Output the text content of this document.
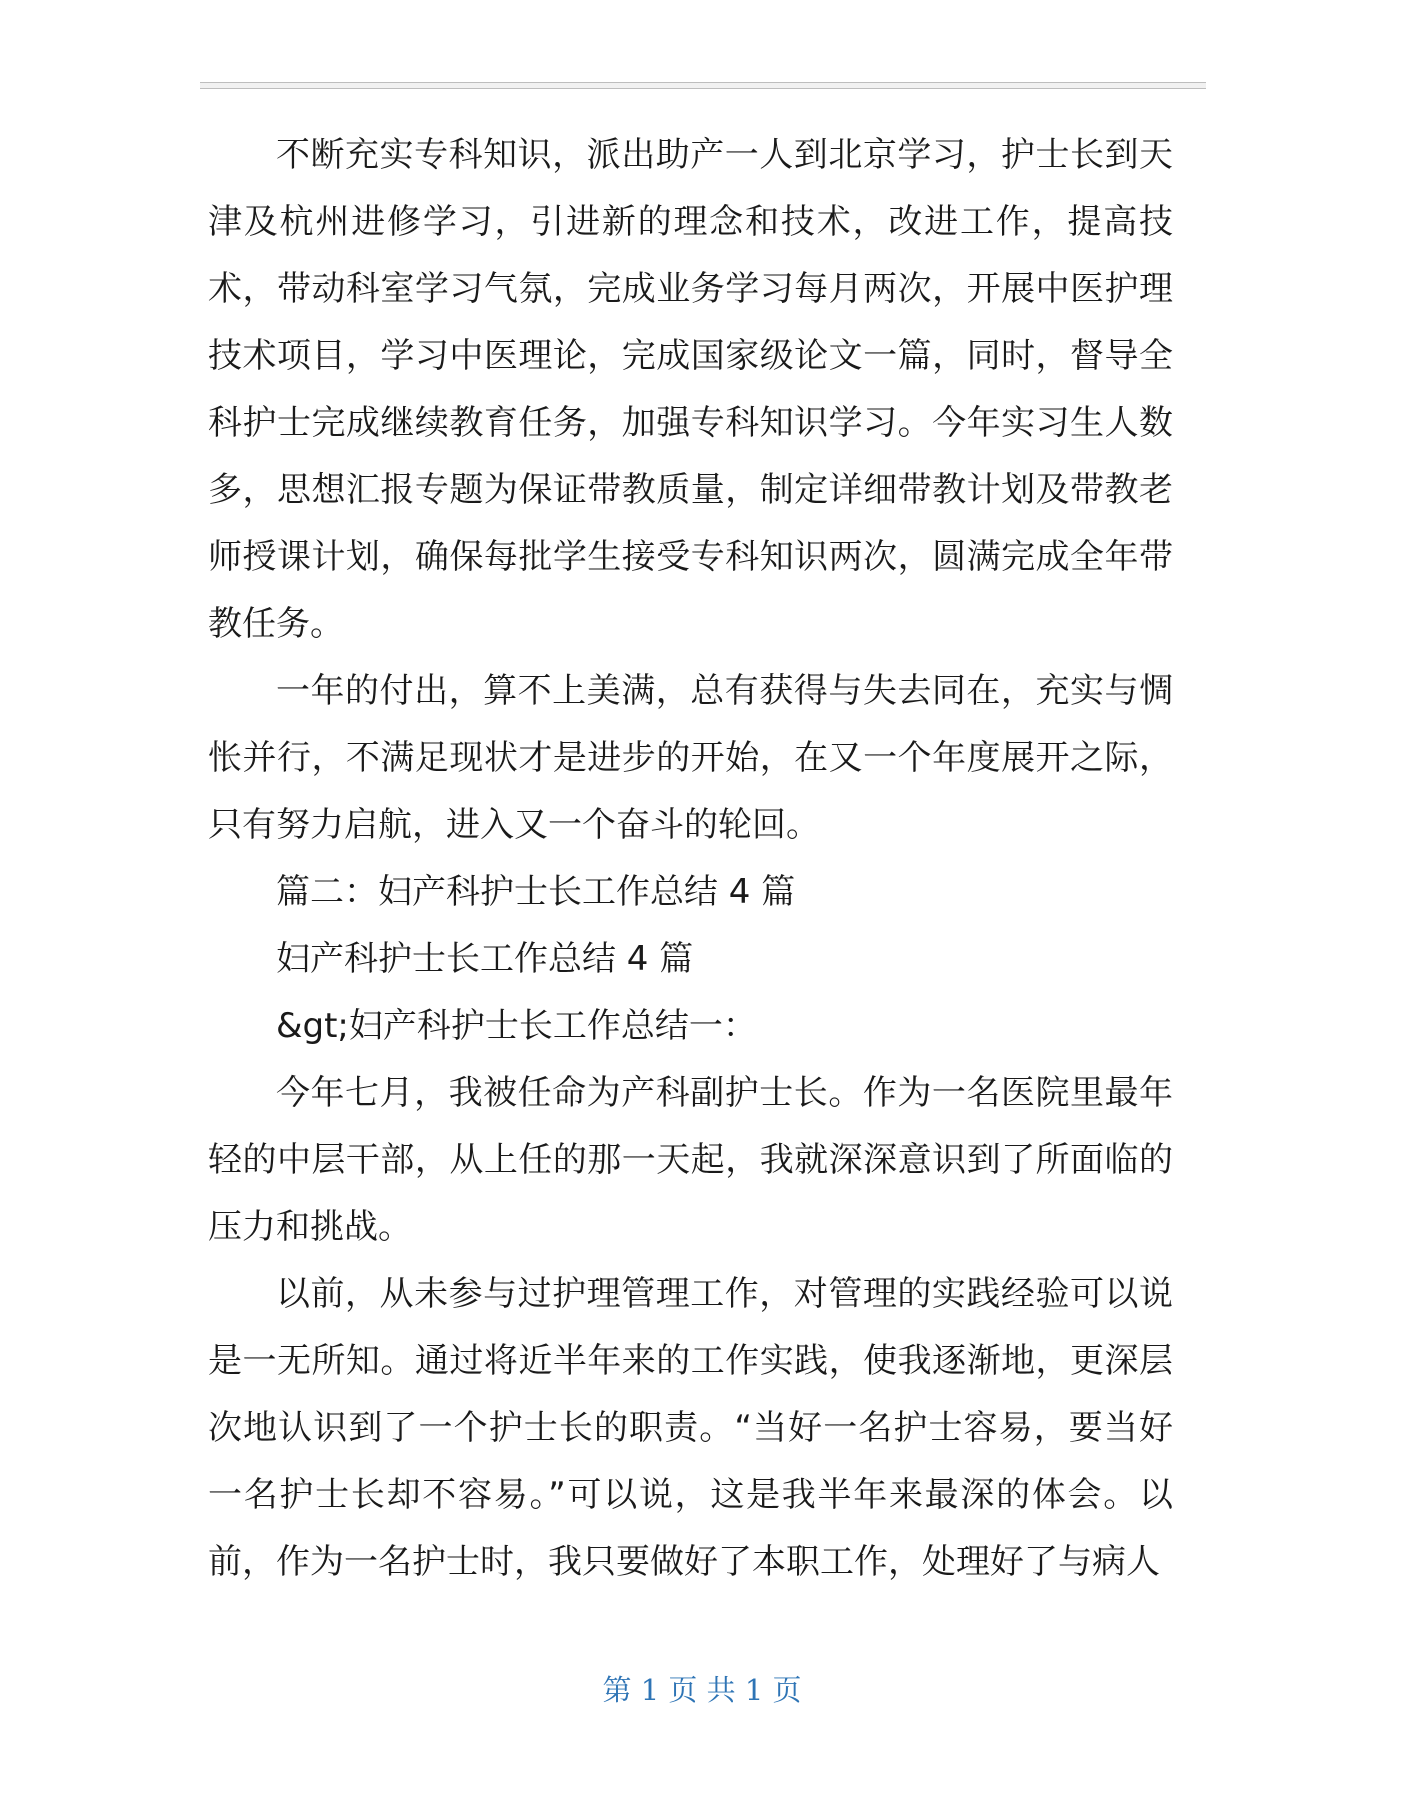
不断充实专科知识，派出助产一人到北京学习，护士长到天津及杭州进修学习，引进新的理念和技术，改进工作，提高技术，带动科室学习气氛，完成业务学习每月两次，开展中医护理技术项目，学习中医理论，完成国家级论文一篇，同时，督导全科护士完成继续教育任务，加强专科知识学习。今年实习生人数多，思想汇报专题为保证带教质量，制定详细带教计划及带教老师授课计划，确保每批学生接受专科知识两次，圆满完成全年带教任务。

一年的付出，算不上美满，总有获得与失去同在，充实与惆怅并行，不满足现状才是进步的开始，在又一个年度展开之际，只有努力启航，进入又一个奋斗的轮回。

篇二：妇产科护士长工作总结 4 篇

妇产科护士长工作总结 4 篇

&gt;妇产科护士长工作总结一：

今年七月，我被任命为产科副护士长。作为一名医院里最年轻的中层干部，从上任的那一天起，我就深深意识到了所面临的压力和挑战。

以前，从未参与过护理管理工作，对管理的实践经验可以说是一无所知。通过将近半年来的工作实践，使我逐渐地，更深层次地认识到了一个护士长的职责。“当好一名护士容易，要当好一名护士长却不容易。”可以说，这是我半年来最深的体会。以前，作为一名护士时，我只要做好了本职工作，处理好了与病人

第 1 页 共 1 页
